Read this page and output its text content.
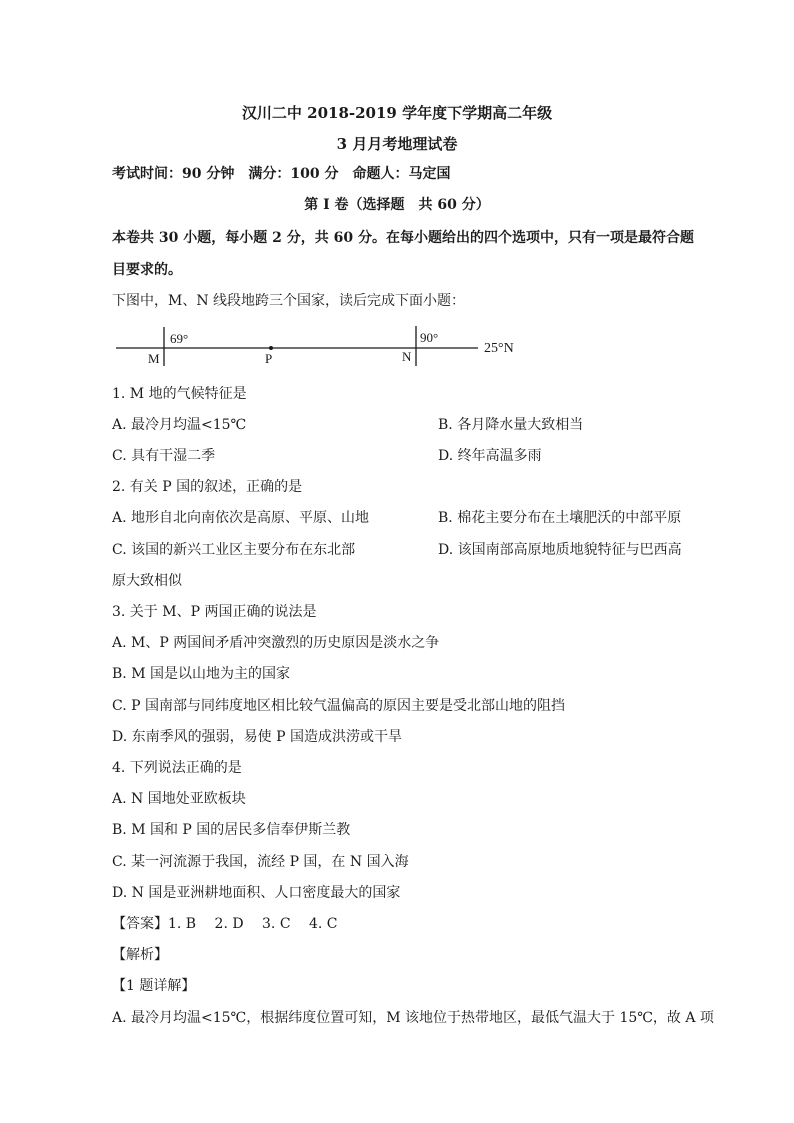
汉川二中 2018-2019 学年度下学期高二年级
3 月月考地理试卷
考试时间：90 分钟　满分：100 分　命题人：马定国
第 I 卷（选择题　共 60 分）
本卷共 30 小题，每小题 2 分，共 60 分。在每小题给出的四个选项中，只有一项是最符合题
目要求的。
下图中，M、N 线段地跨三个国家，读后完成下面小题：
69°	90°
M	P	N
25°N
1. M 地的气候特征是
A. 最冷月均温<15℃	B. 各月降水量大致相当
C. 具有干湿二季	D. 终年高温多雨
2. 有关 P 国的叙述，正确的是
A. 地形自北向南依次是高原、平原、山地	B. 棉花主要分布在土壤肥沃的中部平原
C. 该国的新兴工业区主要分布在东北部	D. 该国南部高原地质地貌特征与巴西高
原大致相似
3. 关于 M、P 两国正确的说法是
A. M、P 两国间矛盾冲突激烈的历史原因是淡水之争
B. M 国是以山地为主的国家
C. P 国南部与同纬度地区相比较气温偏高的原因主要是受北部山地的阻挡
D. 东南季风的强弱，易使 P 国造成洪涝或干旱
4. 下列说法正确的是
A. N 国地处亚欧板块
B. M 国和 P 国的居民多信奉伊斯兰教
C. 某一河流源于我国，流经 P 国，在 N 国入海
D. N 国是亚洲耕地面积、人口密度最大的国家
【答案】1. B　 2. D　 3. C　 4. C
【解析】
【1 题详解】
A. 最冷月均温<15℃，根据纬度位置可知，M 该地位于热带地区，最低气温大于 15℃，故 A 项
